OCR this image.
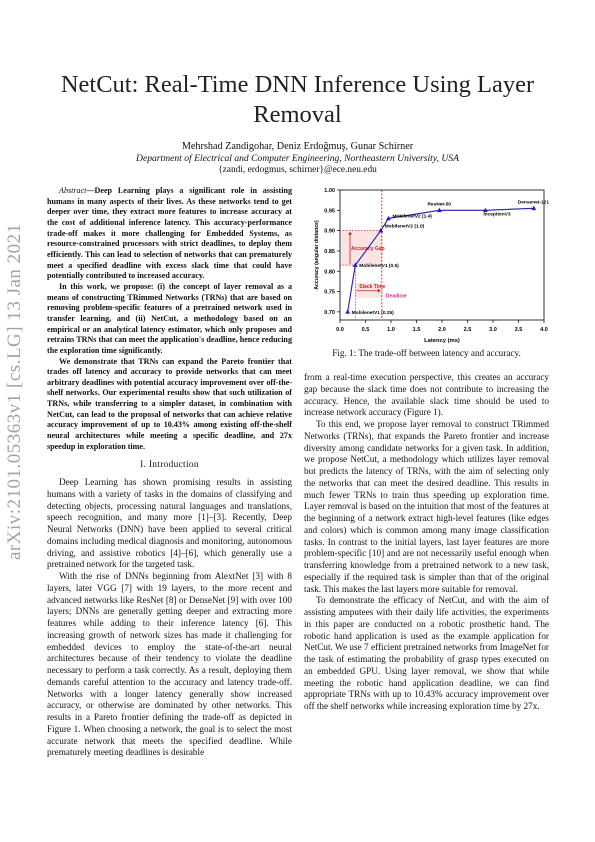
arXiv:2101.05363v1 [cs.LG] 13 Jan 2021
NetCut: Real-Time DNN Inference Using Layer Removal
Mehrshad Zandigohar, Deniz Erdoğmuş, Gunar Schirner
Department of Electrical and Computer Engineering, Northeastern University, USA
{zandi, erdogmus, schirner}@ece.neu.edu

Abstract—Deep Learning plays a significant role in assisting humans in many aspects of their lives. As these networks tend to get deeper over time, they extract more features to increase accuracy at the cost of additional inference latency. This accuracy-performance trade-off makes it more challenging for Embedded Systems, as resource-constrained processors with strict deadlines, to deploy them efficiently. This can lead to selection of networks that can prematurely meet a specified deadline with excess slack time that could have potentially contributed to increased accuracy.

In this work, we propose: (i) the concept of layer removal as a means of constructing TRimmed Networks (TRNs) that are based on removing problem-specific features of a pretrained network used in transfer learning, and (ii) NetCut, a methodology based on an empirical or an analytical latency estimator, which only proposes and retrains TRNs that can meet the application's deadline, hence reducing the exploration time significantly.

We demonstrate that TRNs can expand the Pareto frontier that trades off latency and accuracy to provide networks that can meet arbitrary deadlines with potential accuracy improvement over off-the-shelf networks. Our experimental results show that such utilization of TRNs, while transferring to a simpler dataset, in combination with NetCut, can lead to the proposal of networks that can achieve relative accuracy improvement of up to 10.43% among existing off-the-shelf neural architectures while meeting a specific deadline, and 27x speedup in exploration time.

I. Introduction

Deep Learning has shown promising results in assisting humans with a variety of tasks in the domains of classifying and detecting objects, processing natural languages and translations, speech recognition, and many more [1]–[3]. Recently, Deep Neural Networks (DNN) have been applied to several critical domains including medical diagnosis and monitoring, autonomous driving, and assistive robotics [4]–[6], which generally use a pretrained network for the targeted task.

With the rise of DNNs beginning from AlextNet [3] with 8 layers, later VGG [7] with 19 layers, to the more recent and advanced networks like ResNet [8] or DenseNet [9] with over 100 layers; DNNs are generally getting deeper and extracting more features while adding to their inference latency [6]. This increasing growth of network sizes has made it challenging for embedded devices to employ the state-of-the-art neural architectures because of their tendency to violate the deadline necessary to perform a task correctly. As a result, deploying them demands careful attention to the accuracy and latency trade-off. Networks with a longer latency generally show increased accuracy, or otherwise are dominated by other networks. This results in a Pareto frontier defining the trade-off as depicted in Figure 1. When choosing a network, the goal is to select the most accurate network that meets the specified deadline. While prematurely meeting deadlines is desirable

0.0	0.5	1.0	1.5	2.0	2.5	3.0	3.5	4.0
0.70
0.75
0.80
0.85
0.90
0.95
1.00
Latency (ms)
Accuracy (angular distance)	Accuracy Gap
Slack Time
Deadline
MobilenetV1 (0.25)
MobilenetV1 (0.5)
MobilenetV2 (1.0)
MobilenetV2 (1.4)
ResNet-50
InceptionV3
Densenet-121
Fig. 1: The trade-off between latency and accuracy.

from a real-time execution perspective, this creates an accuracy gap because the slack time does not contribute to increasing the accuracy. Hence, the available slack time should be used to increase network accuracy (Figure 1).

To this end, we propose layer removal to construct TRimmed Networks (TRNs), that expands the Pareto frontier and increase diversity among candidate networks for a given task. In addition, we propose NetCut, a methodology which utilizes layer removal but predicts the latency of TRNs, with the aim of selecting only the networks that can meet the desired deadline. This results in much fewer TRNs to train thus speeding up exploration time. Layer removal is based on the intuition that most of the features at the beginning of a network extract high-level features (like edges and colors) which is common among many image classification tasks. In contrast to the initial layers, last layer features are more problem-specific [10] and are not necessarily useful enough when transferring knowledge from a pretrained network to a new task, especially if the required task is simpler than that of the original task. This makes the last layers more suitable for removal.

To demonstrate the efficacy of NetCut, and with the aim of assisting amputees with their daily life activities, the experiments in this paper are conducted on a robotic prosthetic hand. The robotic hand application is used as the example application for NetCut. We use 7 efficient pretrained networks from ImageNet for the task of estimating the probability of grasp types executed on an embedded GPU. Using layer removal, we show that while meeting the robotic hand application deadline, we can find appropriate TRNs with up to 10.43% accuracy improvement over off the shelf networks while increasing exploration time by 27x.
